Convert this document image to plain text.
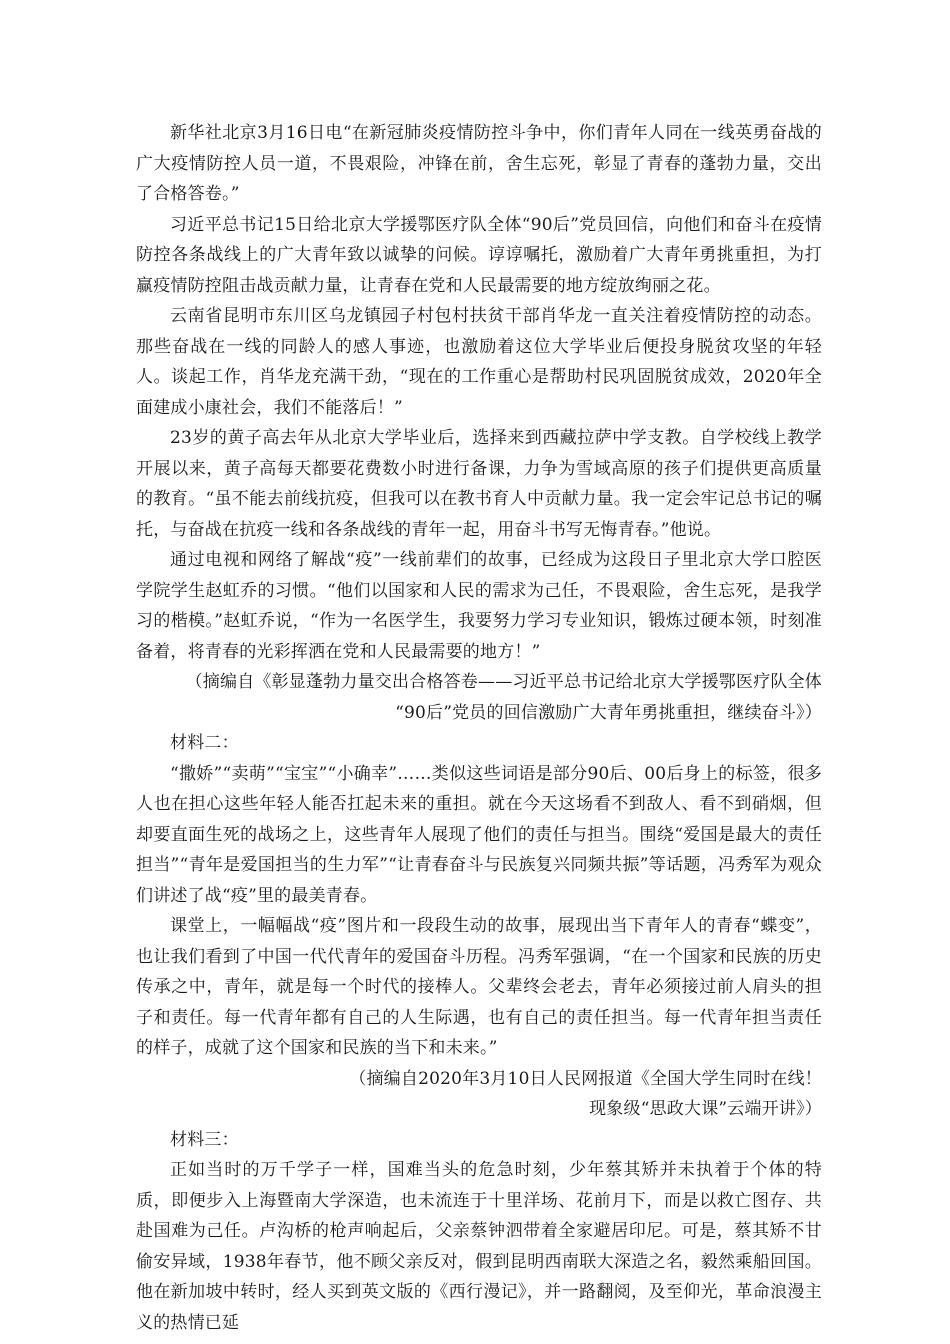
新华社北京3月16日电“在新冠肺炎疫情防控斗争中，你们青年人同在一线英勇奋战的广大疫情防控人员一道，不畏艰险，冲锋在前，舍生忘死，彰显了青春的蓬勃力量，交出了合格答卷。”

习近平总书记15日给北京大学援鄂医疗队全体“90后”党员回信，向他们和奋斗在疫情防控各条战线上的广大青年致以诚挚的问候。谆谆嘱托，激励着广大青年勇挑重担，为打赢疫情防控阻击战贡献力量，让青春在党和人民最需要的地方绽放绚丽之花。

云南省昆明市东川区乌龙镇园子村包村扶贫干部肖华龙一直关注着疫情防控的动态。那些奋战在一线的同龄人的感人事迹，也激励着这位大学毕业后便投身脱贫攻坚的年轻人。谈起工作，肖华龙充满干劲，“现在的工作重心是帮助村民巩固脱贫成效，2020年全面建成小康社会，我们不能落后！”

23岁的黄子高去年从北京大学毕业后，选择来到西藏拉萨中学支教。自学校线上教学开展以来，黄子高每天都要花费数小时进行备课，力争为雪域高原的孩子们提供更高质量的教育。“虽不能去前线抗疫，但我可以在教书育人中贡献力量。我一定会牢记总书记的嘱托，与奋战在抗疫一线和各条战线的青年一起，用奋斗书写无悔青春。”他说。

通过电视和网络了解战“疫”一线前辈们的故事，已经成为这段日子里北京大学口腔医学院学生赵虹乔的习惯。“他们以国家和人民的需求为己任，不畏艰险，舍生忘死，是我学习的楷模。”赵虹乔说，“作为一名医学生，我要努力学习专业知识，锻炼过硬本领，时刻准备着，将青春的光彩挥洒在党和人民最需要的地方！”

（摘编自《彰显蓬勃力量交出合格答卷——习近平总书记给北京大学援鄂医疗队全体

“90后”党员的回信激励广大青年勇挑重担，继续奋斗》）

材料二：

“撒娇”“卖萌”“宝宝”“小确幸”……类似这些词语是部分90后、00后身上的标签，很多人也在担心这些年轻人能否扛起未来的重担。就在今天这场看不到敌人、看不到硝烟，但却要直面生死的战场之上，这些青年人展现了他们的责任与担当。围绕“爱国是最大的责任担当”“青年是爱国担当的生力军”“让青春奋斗与民族复兴同频共振”等话题，冯秀军为观众们讲述了战“疫”里的最美青春。

课堂上，一幅幅战“疫”图片和一段段生动的故事，展现出当下青年人的青春“蝶变”，也让我们看到了中国一代代青年的爱国奋斗历程。冯秀军强调，“在一个国家和民族的历史传承之中，青年，就是每一个时代的接棒人。父辈终会老去，青年必须接过前人肩头的担子和责任。每一代青年都有自己的人生际遇，也有自己的责任担当。每一代青年担当责任的样子，成就了这个国家和民族的当下和未来。”

（摘编自2020年3月10日人民网报道《全国大学生同时在线！

现象级“思政大课”云端开讲》）

材料三：

正如当时的万千学子一样，国难当头的危急时刻，少年蔡其矫并未执着于个体的特质，即便步入上海暨南大学深造，也未流连于十里洋场、花前月下，而是以救亡图存、共赴国难为己任。卢沟桥的枪声响起后，父亲蔡钟泗带着全家避居印尼。可是，蔡其矫不甘偷安异域，1938年春节，他不顾父亲反对，假到昆明西南联大深造之名，毅然乘船回国。他在新加坡中转时，经人买到英文版的《西行漫记》，并一路翻阅，及至仰光，革命浪漫主义的热情已延
